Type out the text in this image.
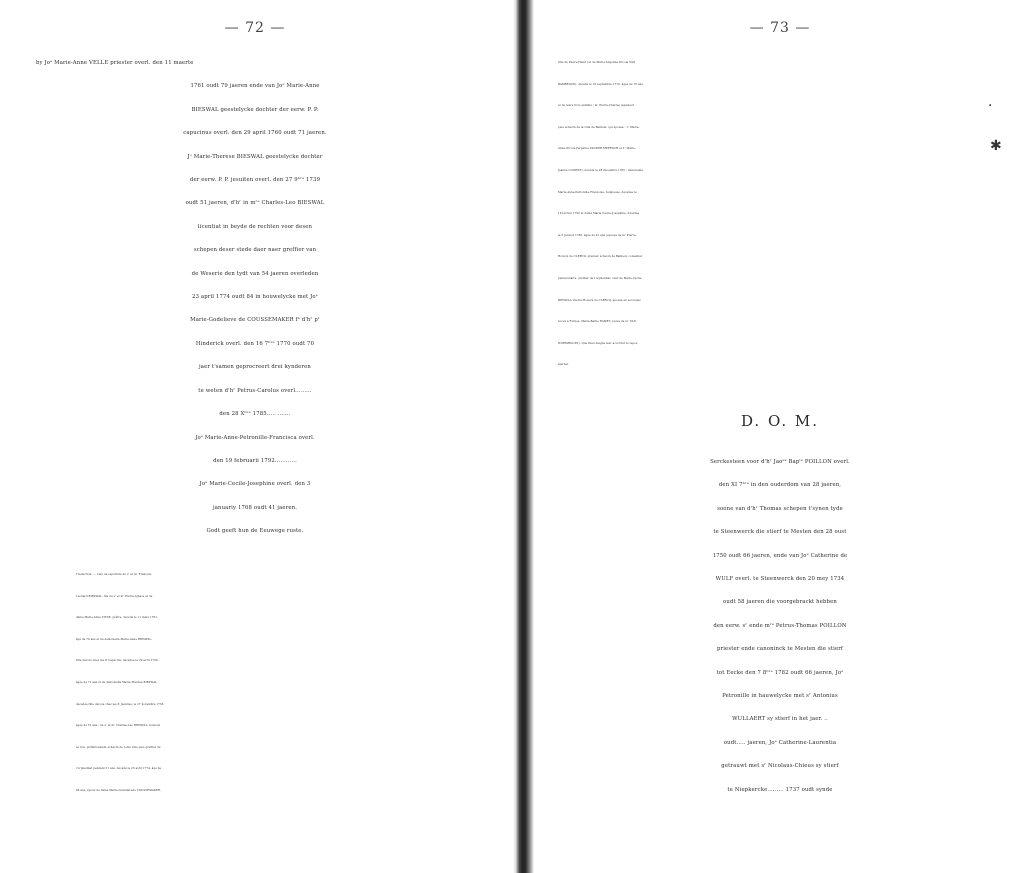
— 72 —
by Joᵉ Marie-Anne VELLE priester overl. den 11 maerte
1761 oudt 79 jaeren ende van Joᵉ Marie-Anne
BIESWAL geestelycke dochter der eerw. P. P.
capucinus overl. den 29 april 1760 oudt 71 jaeren.
Jᵒ Marie-Therese BIESWAL geestelycke dochter
der eerw. P. P. jesuiten overl. den 27 9ᵇʳᵉ 1739
oudt 51 jaeren, d'hʳ in mʳᵉ Charles-Leo BIESWAL
licentiat in beyde de rechten voor desen
schepen deser stede daer naer greffier van
de Weserie den tydt van 54 jaeren overleden
23 april 1774 oudt 84 in houwelycke met Joᵉ
Marie-Godelieve de COUSSEMAKER fᵃ d'hʳ pʳ
Hinderick overl. den 16 7ᵇʳᵉ 1770 oudt 70
jaer t'samen geprocreert drei kynderen
te weten d'hʳ Petrus-Carolus overl.........
den 28 Xᵇʳᵉ 1785..... .......
Joᵉ Marie-Anne-Petronille-Francisca overl.
den 19 februarii 1792............
Joᵉ Marie-Cecile-Josephine overl. den 3
januariy 1768 oudt 41 jaeren.
Godt geeft hun de Eeuwege ruste.
Traduction. — Lieu de sépulture du sʳ et mᵉ François-
Léonard BIESWAL, fils du sʳ et mᵉ Pierre-Ignace et de
dame Marie-Anne VITSE, prêtre, décédé le 11 mars 1761,
âgé de 79 ans et de demoiselle Marie-Anne BIESWAL,
fille dévote chez les P. Capucins, décédée le 29 avril 1760,
âgée de 71 ans et de demoiselle Marie-Thérèse BIESWAL,
décédée fille dévote chez les P. Jésuites, le 27 novembre 1733,
âgée de 51 ans ; du sʳ et mᵉ Charles-Léo BIESWAL, licencié
ès lois, primitivement échevin de cette ville puis greffier de
l'orphelinat pendant 51 ans, décédé le 23 avril 1774, âgé de
84 ans, époux de dame Marie-Godelièvede COUSSEMAKER,
— 73 —
fille de Pierre-Henri (et de Marie-Angeline-Nicole VAN
BAMBEQUE), décédé le 16 septembre 1770, âgée de 70 ans
et de leurs trois enfants : mᵉ Pierre-Charles (apaiseur
puis échevin de la ville de Bailleul, qui épousa : 1ᵒ Marie-
Anne-Nicole-Perpétue VANDER MEERSCH et 2ᵒ Marie-
Jeanne COORNE), décédé le 28 décembre 1785 ; demoiselle
Marie-Anne-Pétronille-Françoise, religieuse, décédée le
19 février 1792 et dame Marie-Cécile-Joséphine, décédée
le 5 Janvier 1768, âgée de 41 ans (épouse de mᵉ Pierre-
Honoré de CLERCQ, premier échevin de Bailleul, conseiller
pensionnaire, greffier de l'orphelinat, veuf de Marie-Cécile
BIESWAL, Pierre-Honoré de CLERCQ, épousa en secondes
noces à Furnes, Marie-Barbe RAMET, veuve de mʳ VAN
WORMHOUDT). Que Dieu daigne leur accorder le repos
éternel.
·
✱
D. O. M.
Serckesteen voor d'hʳ Jaoᵉˢ Bapᵗᵉ POILLON overl.
den XI 7ᵇʳᵉ in den ouderdom van 28 jaeren,
soone van d'hʳ Thomas schepen t'synen tyde
te Steenwerck die stierf te Mesten den 28 oust
1750 oudt 66 jaeren, ende van Joᵉ Catherine de
WULF overl. te Steenwerck den 20 mey 1734
oudt 58 jaeren die voorgebrackt hebben
den eerw. sʳ ende mʳᵉ Petrus-Thomas POILLON
priester ende canoninck te Mesten die stierf
tot Eecke den 7 8ᵇʳᵉ 1782 oudt 66 jaeren, Joᵉ
Petronille in hauwelycke met sʳ Antonius
WULLAERT sy stierf in het jaer. ..
oudt..... jaeren, Joᵉ Catherine-Laurentia
getrauwt met sʳ Nicolaus-Chieus sy stierf
te Niepkercke......... 1737 oudt synde
